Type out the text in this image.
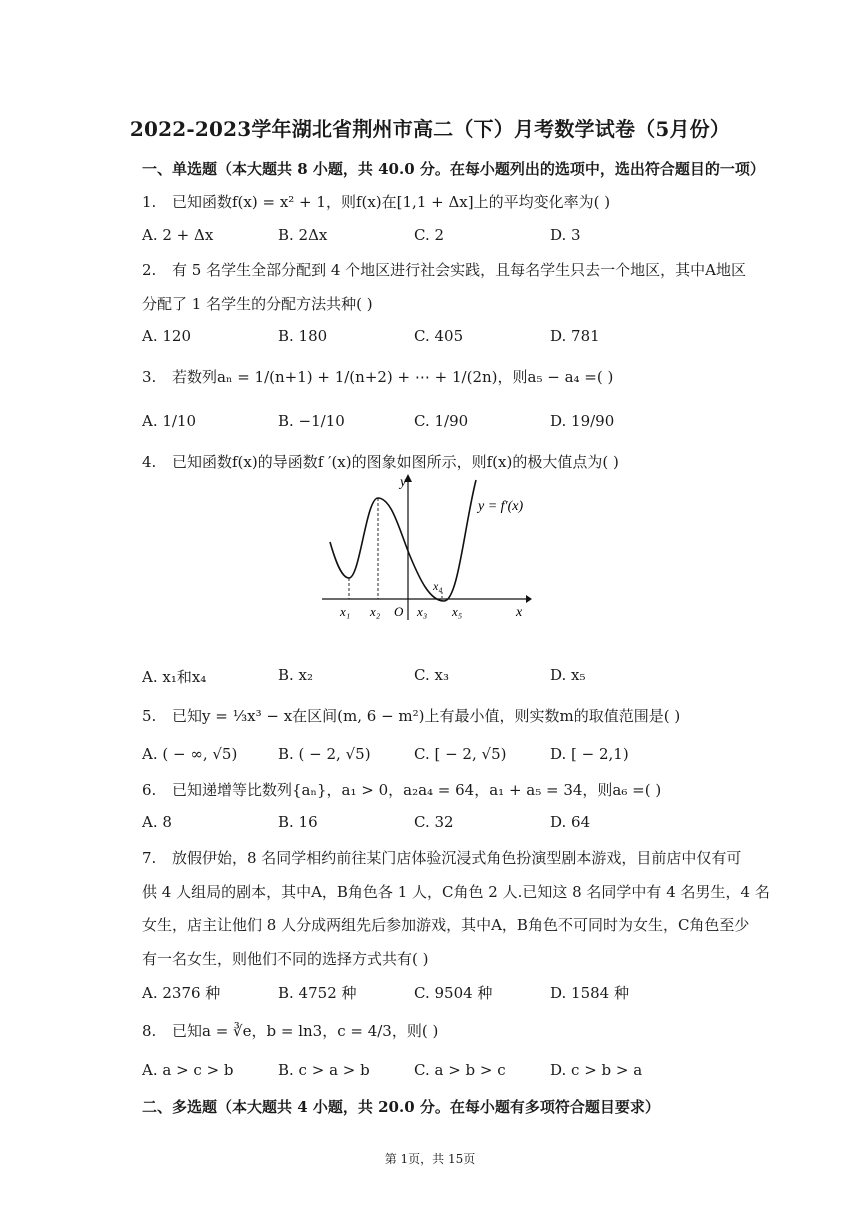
2022-2023学年湖北省荆州市高二（下）月考数学试卷（5月份）
一、单选题（本大题共 8 小题，共 40.0 分。在每小题列出的选项中，选出符合题目的一项）
1. 已知函数f(x) = x² + 1，则f(x)在[1,1 + Δx]上的平均变化率为( )
A. 2 + Δx	B. 2Δx	C. 2	D. 3
2. 有 5 名学生全部分配到 4 个地区进行社会实践，且每名学生只去一个地区，其中A地区
分配了 1 名学生的分配方法共种( )
A. 120	B. 180	C. 405	D. 781
3. 若数列aₙ = 1/(n+1) + 1/(n+2) + ⋯ + 1/(2n)，则a₅ − a₄ =( )
A. 1/10	B. −1/10	C. 1/90	D. 19/90
4. 已知函数f(x)的导函数f ′(x)的图象如图所示，则f(x)的极大值点为( )
y
x
y = f′(x)
O
x₁ x₂	x₃
x₄
x₅
A. x₁和x₄	B. x₂	C. x₃	D. x₅
5. 已知y = ⅓x³ − x在区间(m, 6 − m²)上有最小值，则实数m的取值范围是( )
A. ( − ∞, √5)	B. ( − 2, √5)	C. [ − 2, √5)	D. [ − 2,1)
6. 已知递增等比数列{aₙ}，a₁ > 0，a₂a₄ = 64，a₁ + a₅ = 34，则a₆ =( )
A. 8	B. 16	C. 32	D. 64
7. 放假伊始，8 名同学相约前往某门店体验沉浸式角色扮演型剧本游戏，目前店中仅有可
供 4 人组局的剧本，其中A，B角色各 1 人，C角色 2 人.已知这 8 名同学中有 4 名男生，4 名
女生，店主让他们 8 人分成两组先后参加游戏，其中A，B角色不可同时为女生，C角色至少
有一名女生，则他们不同的选择方式共有( )
A. 2376 种	B. 4752 种	C. 9504 种	D. 1584 种
8. 已知a = ∛e，b = ln3，c = 4/3，则( )
A. a > c > b	B. c > a > b	C. a > b > c	D. c > b > a
二、多选题（本大题共 4 小题，共 20.0 分。在每小题有多项符合题目要求）
第 1页，共 15页
